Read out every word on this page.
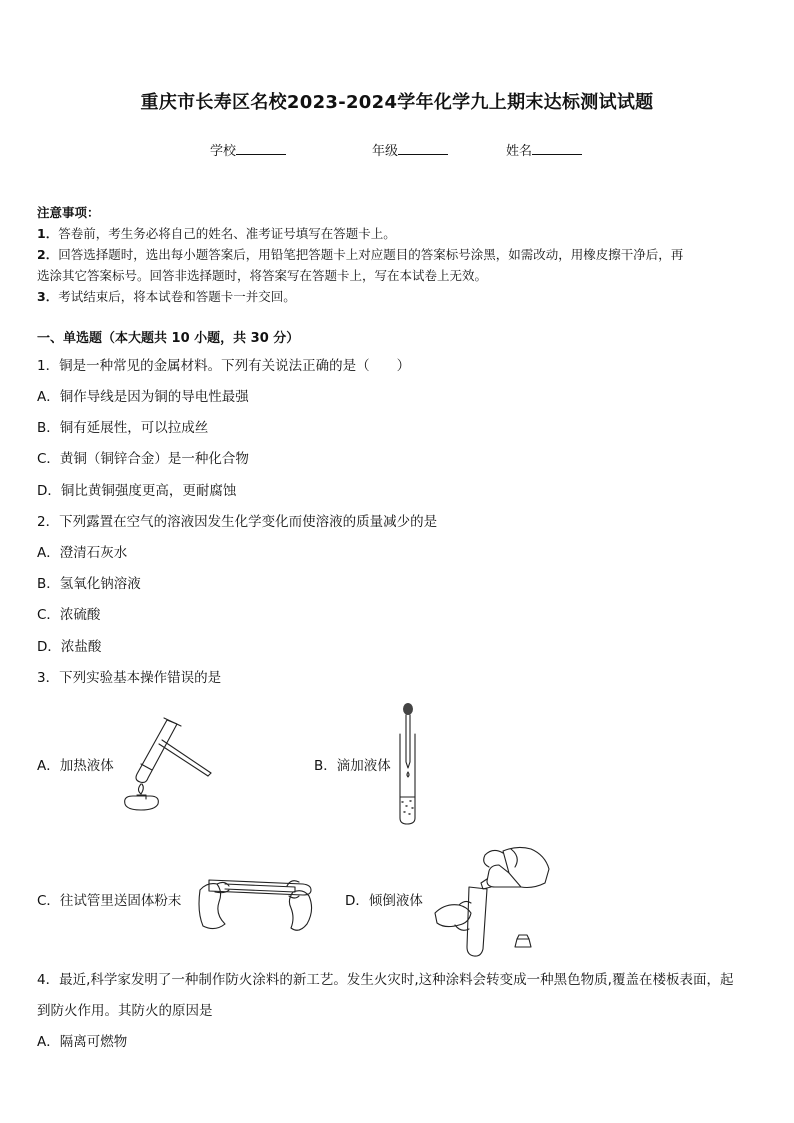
重庆市长寿区名校2023-2024学年化学九上期末达标测试试题
学校	年级	姓名
注意事项：
1．答卷前，考生务必将自己的姓名、准考证号填写在答题卡上。
2．回答选择题时，选出每小题答案后，用铅笔把答题卡上对应题目的答案标号涂黑，如需改动，用橡皮擦干净后，再
选涂其它答案标号。回答非选择题时，将答案写在答题卡上，写在本试卷上无效。
3．考试结束后，将本试卷和答题卡一并交回。
一、单选题（本大题共 10 小题，共 30 分）
1．铜是一种常见的金属材料。下列有关说法正确的是（　　）
A．铜作导线是因为铜的导电性最强
B．铜有延展性，可以拉成丝
C．黄铜（铜锌合金）是一种化合物
D．铜比黄铜强度更高，更耐腐蚀
2．下列露置在空气的溶液因发生化学变化而使溶液的质量减少的是
A．澄清石灰水
B．氢氧化钠溶液
C．浓硫酸
D．浓盐酸
3．下列实验基本操作错误的是
A．加热液体	B．滴加液体
C．往试管里送固体粉末	D．倾倒液体
4．最近,科学家发明了一种制作防火涂料的新工艺。发生火灾时,这种涂料会转变成一种黑色物质,覆盖在楼板表面，起
到防火作用。其防火的原因是
A．隔离可燃物
